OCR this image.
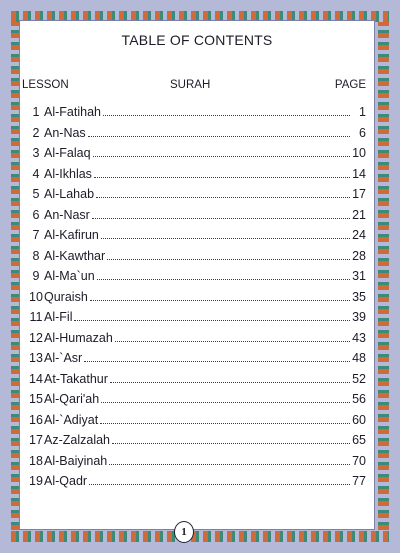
TABLE OF CONTENTS
LESSON	SURAH	PAGE
1 Al-Fatihah	1
2 An-Nas	6
3 Al-Falaq	10
4 Al-Ikhlas	14
5 Al-Lahab	17
6 An-Nasr	21
7 Al-Kafirun	24
8 Al-Kawthar	28
9 Al-Ma`un	31
10 Quraish	35
11 Al-Fil	39
12 Al-Humazah	43
13 Al-`Asr	48
14 At-Takathur	52
15 Al-Qari'ah	56
16 Al-`Adiyat	60
17 Az-Zalzalah	65
18 Al-Baiyinah	70
19 Al-Qadr	77
1
